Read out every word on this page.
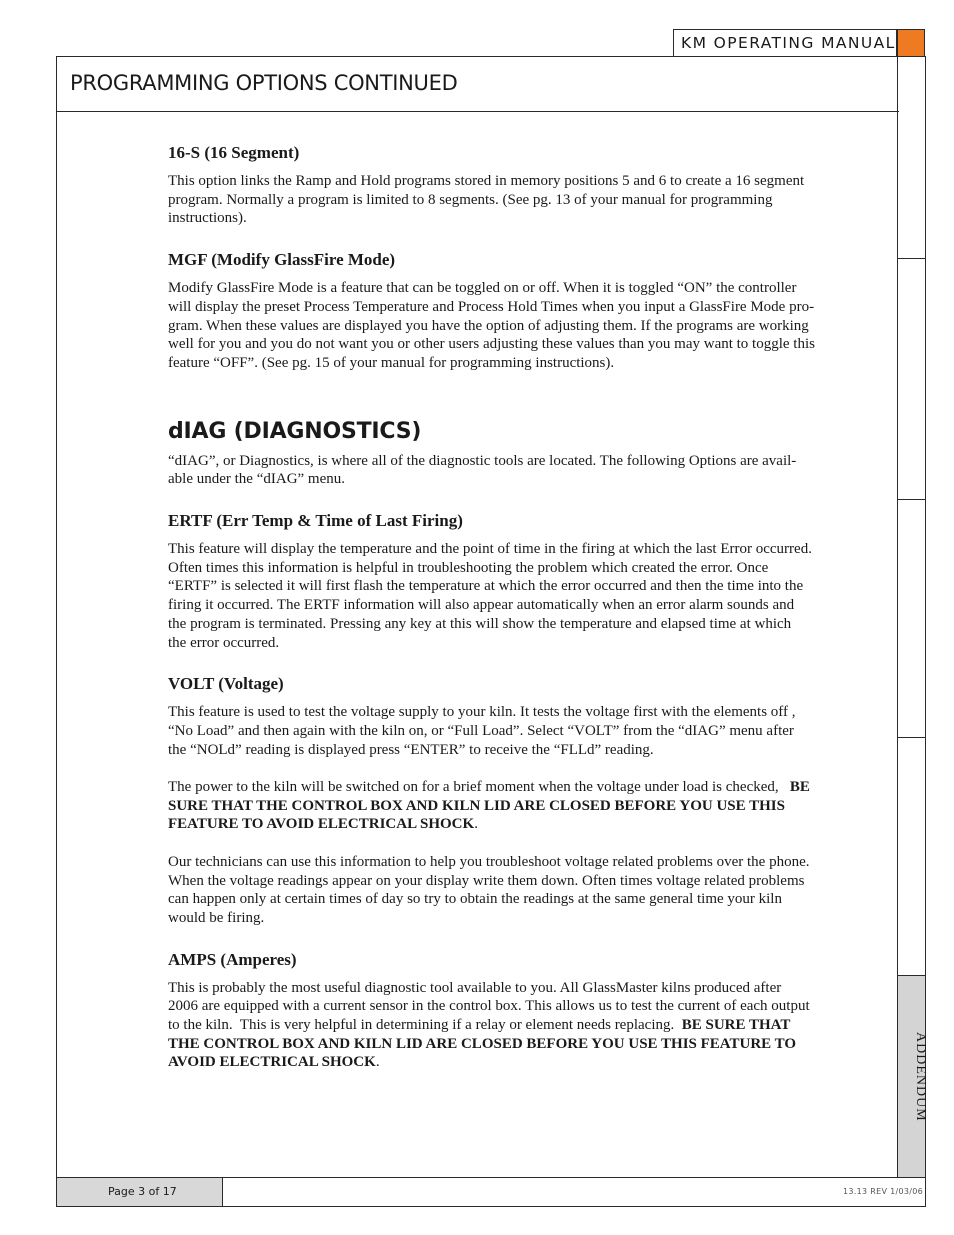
KM OPERATING MANUAL
PROGRAMMING OPTIONS CONTINUED
ADDENDUM
16-S (16 Segment)

This option links the Ramp and Hold programs stored in memory positions 5 and 6 to create a 16 segment
program. Normally a program is limited to 8 segments. (See pg. 13 of your manual for programming
instructions).

MGF (Modify GlassFire Mode)

Modify GlassFire Mode is a feature that can be toggled on or off. When it is toggled “ON” the controller
will display the preset Process Temperature and Process Hold Times when you input a GlassFire Mode pro-
gram. When these values are displayed you have the option of adjusting them. If the programs are working
well for you and you do not want you or other users adjusting these values than you may want to toggle this
feature “OFF”. (See pg. 15 of your manual for programming instructions).

dIAG (DIAGNOSTICS)

“dIAG”, or Diagnostics, is where all of the diagnostic tools are located. The following Options are avail-
able under the “dIAG” menu.

ERTF (Err Temp & Time of Last Firing)

This feature will display the temperature and the point of time in the firing at which the last Error occurred.
Often times this information is helpful in troubleshooting the problem which created the error. Once
“ERTF” is selected it will first flash the temperature at which the error occurred and then the time into the
firing it occurred. The ERTF information will also appear automatically when an error alarm sounds and
the program is terminated. Pressing any key at this will show the temperature and elapsed time at which
the error occurred.

VOLT (Voltage)

This feature is used to test the voltage supply to your kiln. It tests the voltage first with the elements off ,
“No Load” and then again with the kiln on, or “Full Load”. Select “VOLT” from the “dIAG” menu after
the “NOLd” reading is displayed press “ENTER” to receive the “FLLd” reading.

The power to the kiln will be switched on for a brief moment when the voltage under load is checked,   BE
SURE THAT THE CONTROL BOX AND KILN LID ARE CLOSED BEFORE YOU USE THIS
FEATURE TO AVOID ELECTRICAL SHOCK.

Our technicians can use this information to help you troubleshoot voltage related problems over the phone.
When the voltage readings appear on your display write them down. Often times voltage related problems
can happen only at certain times of day so try to obtain the readings at the same general time your kiln
would be firing.

AMPS (Amperes)

This is probably the most useful diagnostic tool available to you. All GlassMaster kilns produced after
2006 are equipped with a current sensor in the control box. This allows us to test the current of each output
to the kiln.  This is very helpful in determining if a relay or element needs replacing.  BE SURE THAT
THE CONTROL BOX AND KILN LID ARE CLOSED BEFORE YOU USE THIS FEATURE TO
AVOID ELECTRICAL SHOCK.

Page 3 of 17	13.13 REV 1/03/06
